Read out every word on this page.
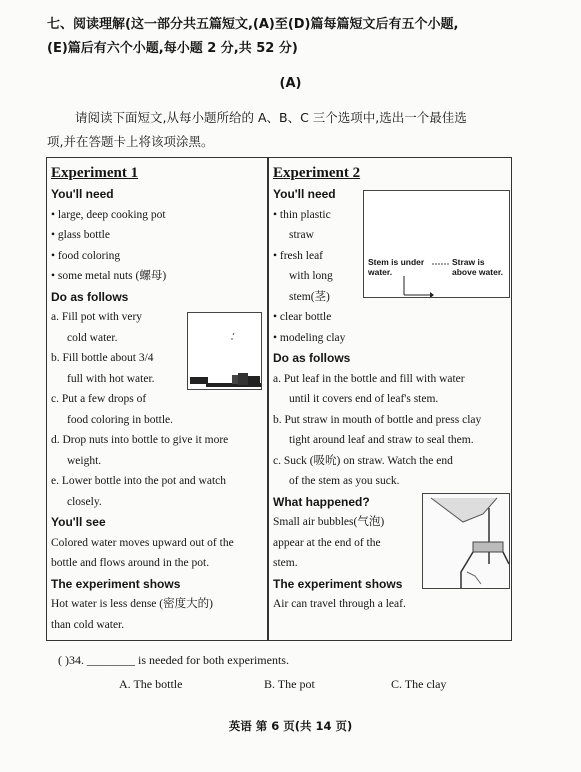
七、阅读理解(这一部分共五篇短文,(A)至(D)篇每篇短文后有五个小题,
(E)篇后有六个小题,每小题 2 分,共 52 分)
(A)
请阅读下面短文,从每小题所给的 A、B、C 三个选项中,选出一个最佳选
项,并在答题卡上将该项涂黑。
Experiment 1
You'll need
• large, deep cooking pot
• glass bottle
• food coloring
• some metal nuts (螺母)
Do as follows
a. Fill pot with very
cold water.
b. Fill bottle about 3/4
full with hot water.
c. Put a few drops of
food coloring in bottle.
d. Drop nuts into bottle to give it more
weight.
e. Lower bottle into the pot and watch
closely.
You'll see
Colored water moves upward out of the
bottle and flows around in the pot.
The experiment shows
Hot water is less dense (密度大的)
than cold water.
Experiment 2
You'll need
• thin plastic
straw
• fresh leaf
with long
stem(茎)
• clear bottle
• modeling clay
Do as follows
a. Put leaf in the bottle and fill with water
until it covers end of leaf's stem.
b. Put straw in mouth of bottle and press clay
tight around leaf and straw to seal them.
c. Suck (吸吮) on straw. Watch the end
of the stem as you suck.
What happened?
Small air bubbles(气泡)
appear at the end of the
stem.
The experiment shows
Air can travel through a leaf.
Stem is under
water.
Straw is
above water.
( )34. ________ is needed for both experiments.
A. The bottle	B. The pot	C. The clay
英语 第 6 页(共 14 页)
